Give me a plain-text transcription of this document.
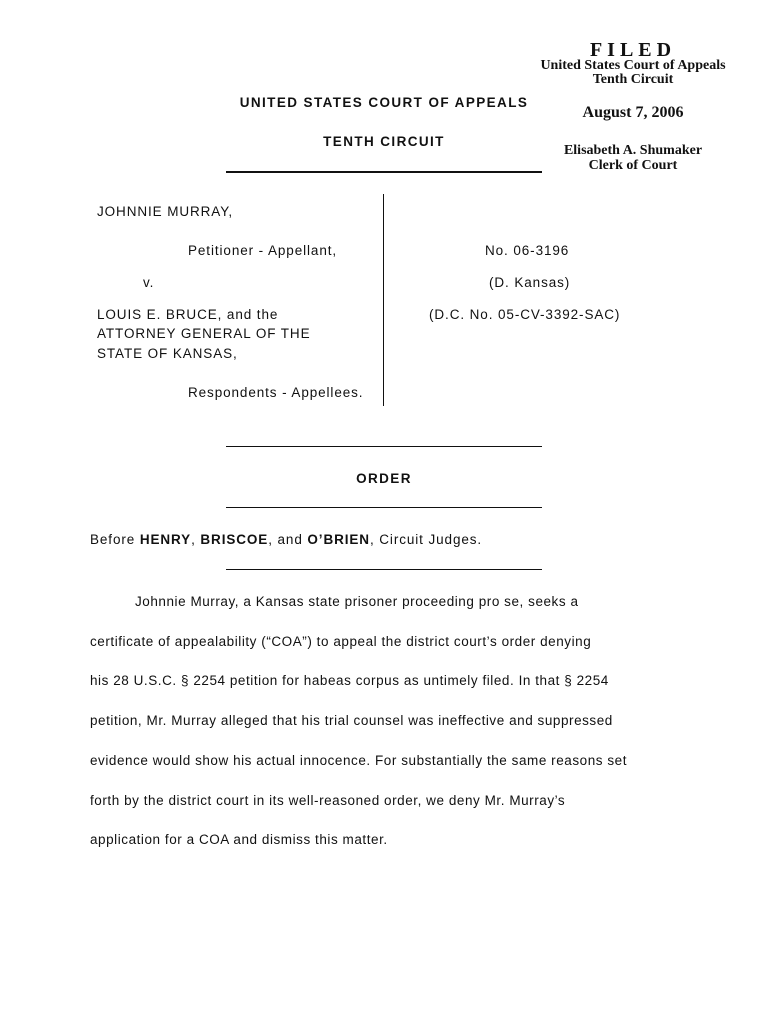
FILED
United States Court of Appeals
Tenth Circuit
August 7, 2006
Elisabeth A. Shumaker
Clerk of Court
UNITED STATES COURT OF APPEALS
TENTH CIRCUIT
JOHNNIE MURRAY,
Petitioner - Appellant,
v.
LOUIS E. BRUCE, and the
ATTORNEY GENERAL OF THE
STATE OF KANSAS,
Respondents - Appellees.
No. 06-3196
(D. Kansas)
(D.C. No. 05-CV-3392-SAC)
ORDER
Before HENRY, BRISCOE, and O’BRIEN, Circuit Judges.
Johnnie Murray, a Kansas state prisoner proceeding pro se, seeks a
certificate of appealability (“COA”) to appeal the district court’s order denying
his 28 U.S.C. § 2254 petition for habeas corpus as untimely filed. In that § 2254
petition, Mr. Murray alleged that his trial counsel was ineffective and suppressed
evidence would show his actual innocence. For substantially the same reasons set
forth by the district court in its well-reasoned order, we deny Mr. Murray’s
application for a COA and dismiss this matter.
